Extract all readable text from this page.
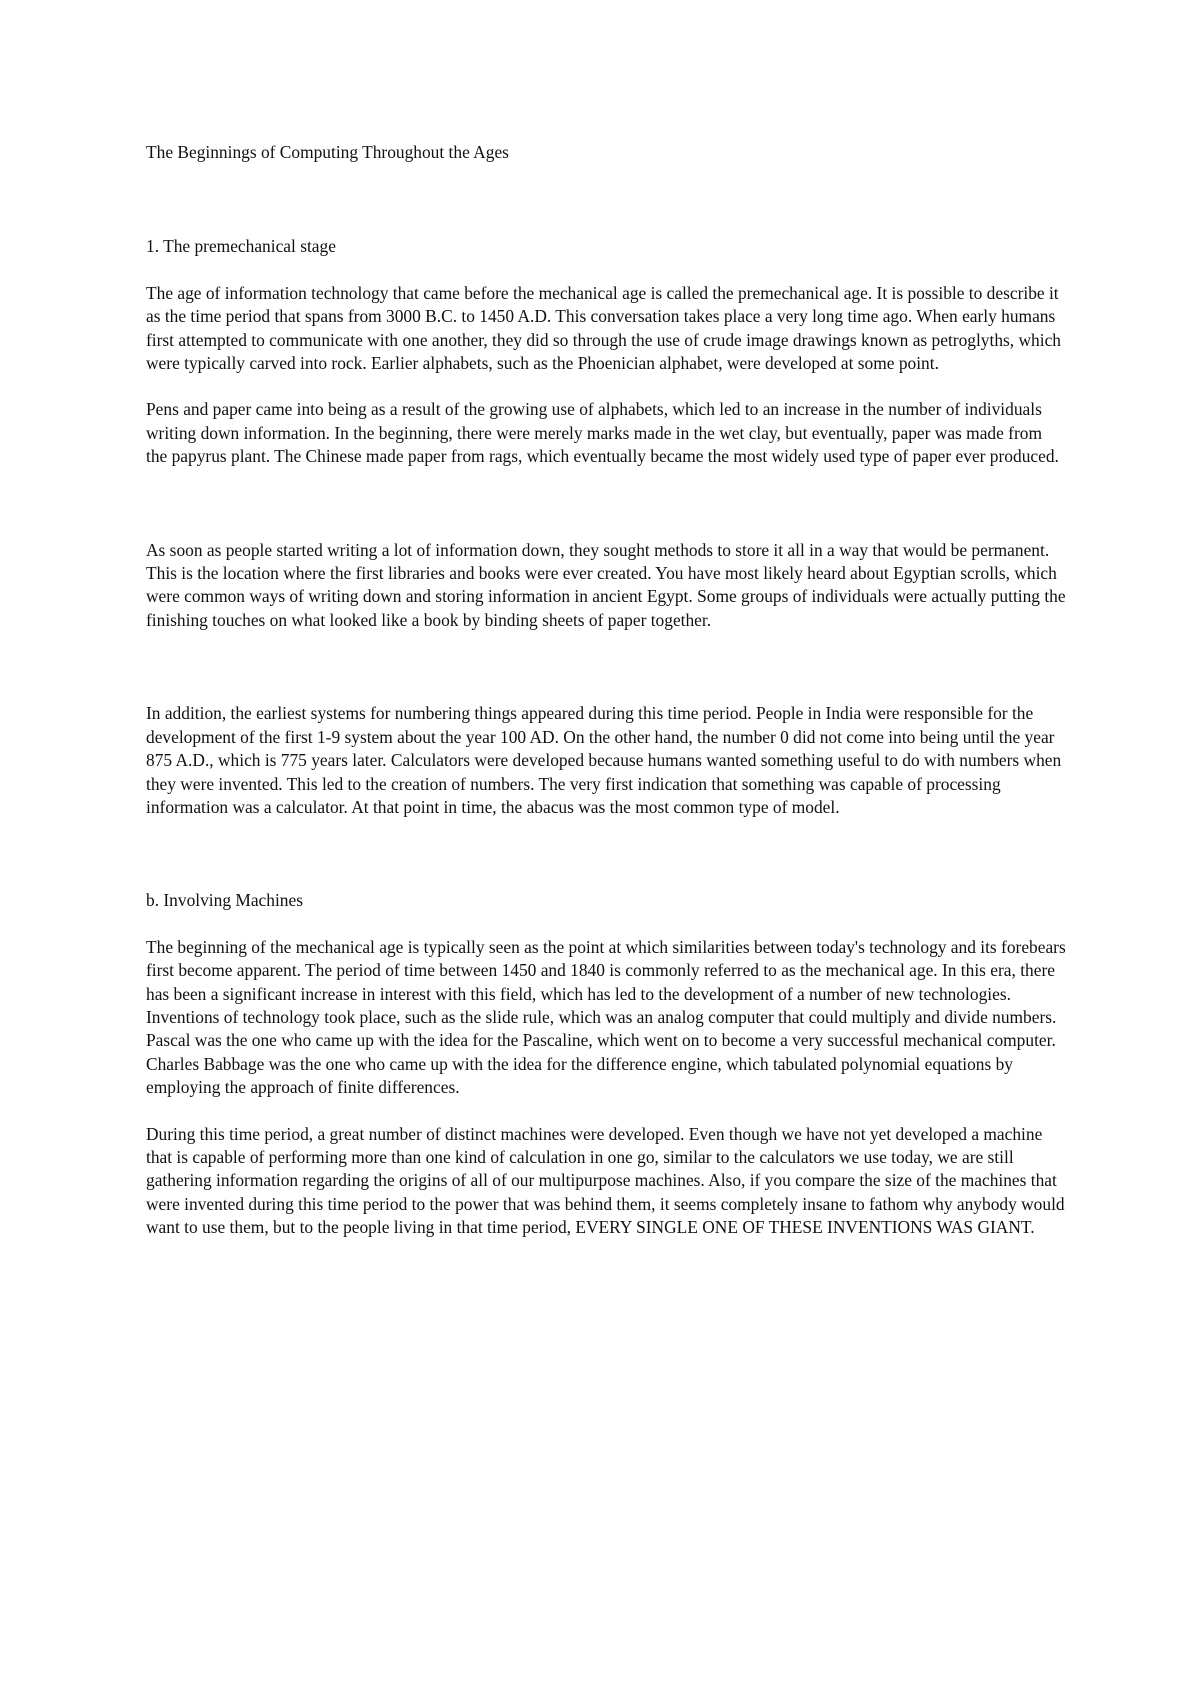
The Beginnings of Computing Throughout the Ages

1. The premechanical stage

The age of information technology that came before the mechanical age is called the premechanical age. It is possible to describe it as the time period that spans from 3000 B.C. to 1450 A.D. This conversation takes place a very long time ago. When early humans first attempted to communicate with one another, they did so through the use of crude image drawings known as petroglyths, which were typically carved into rock. Earlier alphabets, such as the Phoenician alphabet, were developed at some point.

Pens and paper came into being as a result of the growing use of alphabets, which led to an increase in the number of individuals writing down information. In the beginning, there were merely marks made in the wet clay, but eventually, paper was made from the papyrus plant. The Chinese made paper from rags, which eventually became the most widely used type of paper ever produced.

As soon as people started writing a lot of information down, they sought methods to store it all in a way that would be permanent. This is the location where the first libraries and books were ever created. You have most likely heard about Egyptian scrolls, which were common ways of writing down and storing information in ancient Egypt. Some groups of individuals were actually putting the finishing touches on what looked like a book by binding sheets of paper together.

In addition, the earliest systems for numbering things appeared during this time period. People in India were responsible for the development of the first 1-9 system about the year 100 AD. On the other hand, the number 0 did not come into being until the year 875 A.D., which is 775 years later. Calculators were developed because humans wanted something useful to do with numbers when they were invented. This led to the creation of numbers. The very first indication that something was capable of processing information was a calculator. At that point in time, the abacus was the most common type of model.

b. Involving Machines

The beginning of the mechanical age is typically seen as the point at which similarities between today's technology and its forebears first become apparent. The period of time between 1450 and 1840 is commonly referred to as the mechanical age. In this era, there has been a significant increase in interest with this field, which has led to the development of a number of new technologies. Inventions of technology took place, such as the slide rule, which was an analog computer that could multiply and divide numbers. Pascal was the one who came up with the idea for the Pascaline, which went on to become a very successful mechanical computer. Charles Babbage was the one who came up with the idea for the difference engine, which tabulated polynomial equations by employing the approach of finite differences.

During this time period, a great number of distinct machines were developed. Even though we have not yet developed a machine that is capable of performing more than one kind of calculation in one go, similar to the calculators we use today, we are still gathering information regarding the origins of all of our multipurpose machines. Also, if you compare the size of the machines that were invented during this time period to the power that was behind them, it seems completely insane to fathom why anybody would want to use them, but to the people living in that time period, EVERY SINGLE ONE OF THESE INVENTIONS WAS GIANT.
